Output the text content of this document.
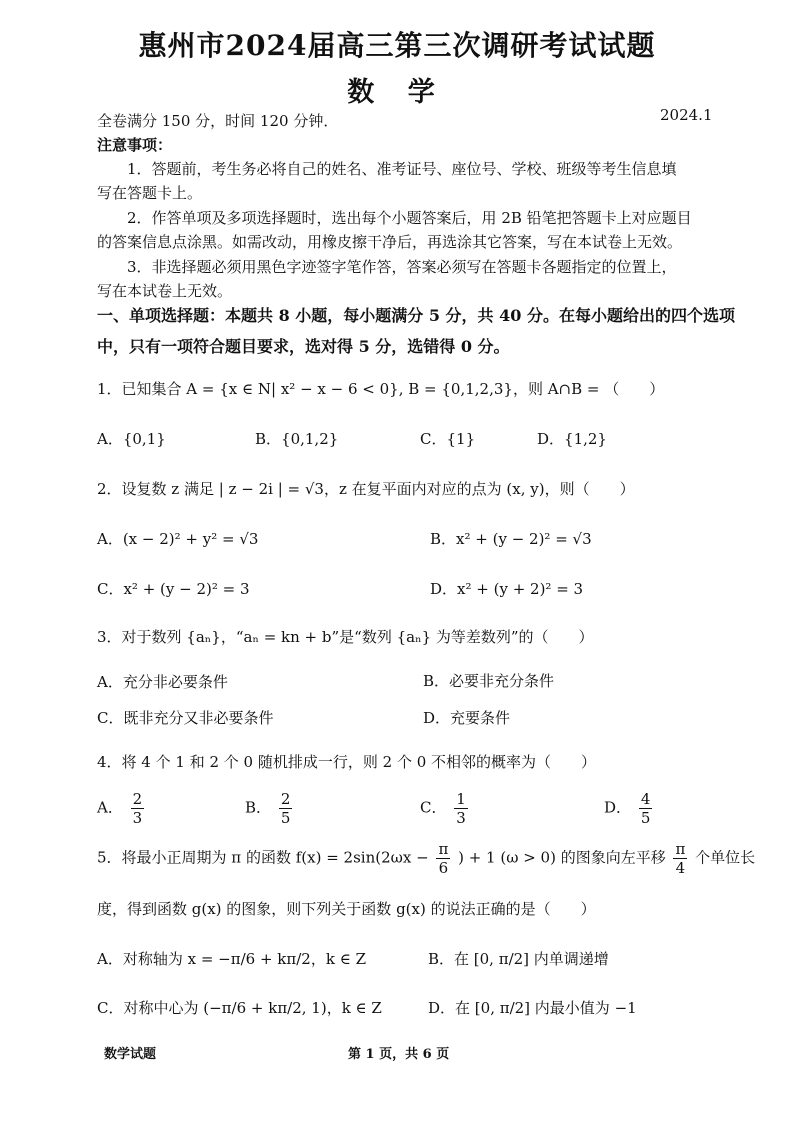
惠州市2024届高三第三次调研考试试题
数 学
全卷满分 150 分，时间 120 分钟．	2024.1
注意事项：
1．答题前，考生务必将自己的姓名、准考证号、座位号、学校、班级等考生信息填
写在答题卡上。
2．作答单项及多项选择题时，选出每个小题答案后，用 2B 铅笔把答题卡上对应题目
的答案信息点涂黑。如需改动，用橡皮擦干净后，再选涂其它答案，写在本试卷上无效。
3．非选择题必须用黑色字迹签字笔作答，答案必须写在答题卡各题指定的位置上，
写在本试卷上无效。
一、单项选择题：本题共 8 小题，每小题满分 5 分，共 40 分。在每小题给出的四个选项
中，只有一项符合题目要求，选对得 5 分，选错得 0 分。
1．已知集合 A = {x ∈ N| x² − x − 6 < 0}, B = {0,1,2,3}，则 A∩B = （　　）
A．{0,1}	B．{0,1,2}	C．{1}	D．{1,2}
2．设复数 z 满足 | z − 2i | = √3，z 在复平面内对应的点为 (x, y)，则（　　）
A．(x − 2)² + y² = √3	B．x² + (y − 2)² = √3
C．x² + (y − 2)² = 3	D．x² + (y + 2)² = 3
3．对于数列 {aₙ}，“aₙ = kn + b”是“数列 {aₙ} 为等差数列”的（　　）
A．充分非必要条件	B．必要非充分条件
C．既非充分又非必要条件	D．充要条件
4．将 4 个 1 和 2 个 0 随机排成一行，则 2 个 0 不相邻的概率为（　　）
A． $\frac{2}{3}$	B． $\frac{2}{5}$	C． $\frac{1}{3}$	D． $\frac{4}{5}$
5．将最小正周期为 π 的函数 $f(x) = 2\sin(2\omega x - \frac{\pi}{6}$ ) + 1 (ω > 0) 的图象向左平移 $\frac{\pi}{4}$ 个单位长
度，得到函数 g(x) 的图象，则下列关于函数 g(x) 的说法正确的是（　　）
A．对称轴为 x = −π/6 + kπ/2，k ∈ Z	B．在 [0, π/2] 内单调递增
C．对称中心为 (−π/6 + kπ/2, 1)，k ∈ Z	D．在 [0, π/2] 内最小值为 −1
数学试题	第 1 页，共 6 页
